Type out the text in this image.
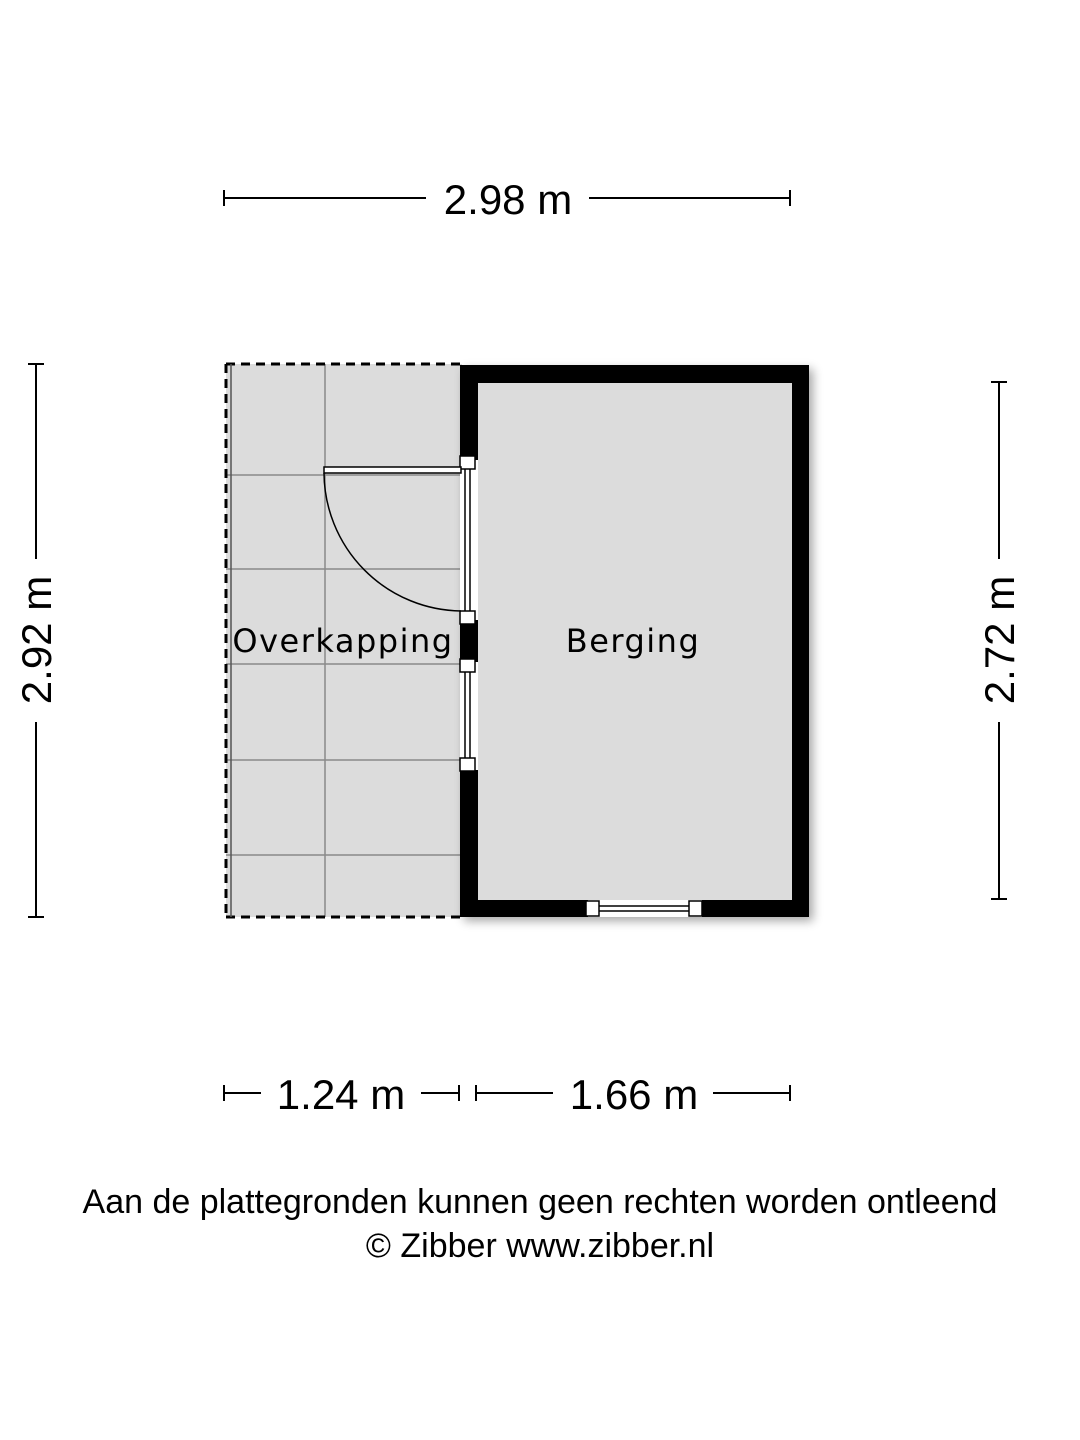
Overkapping	Berging
2.98 m
2.92 m	2.72 m
1.24 m	1.66 m
Aan de plattegronden kunnen geen rechten worden ontleend
© Zibber www.zibber.nl
